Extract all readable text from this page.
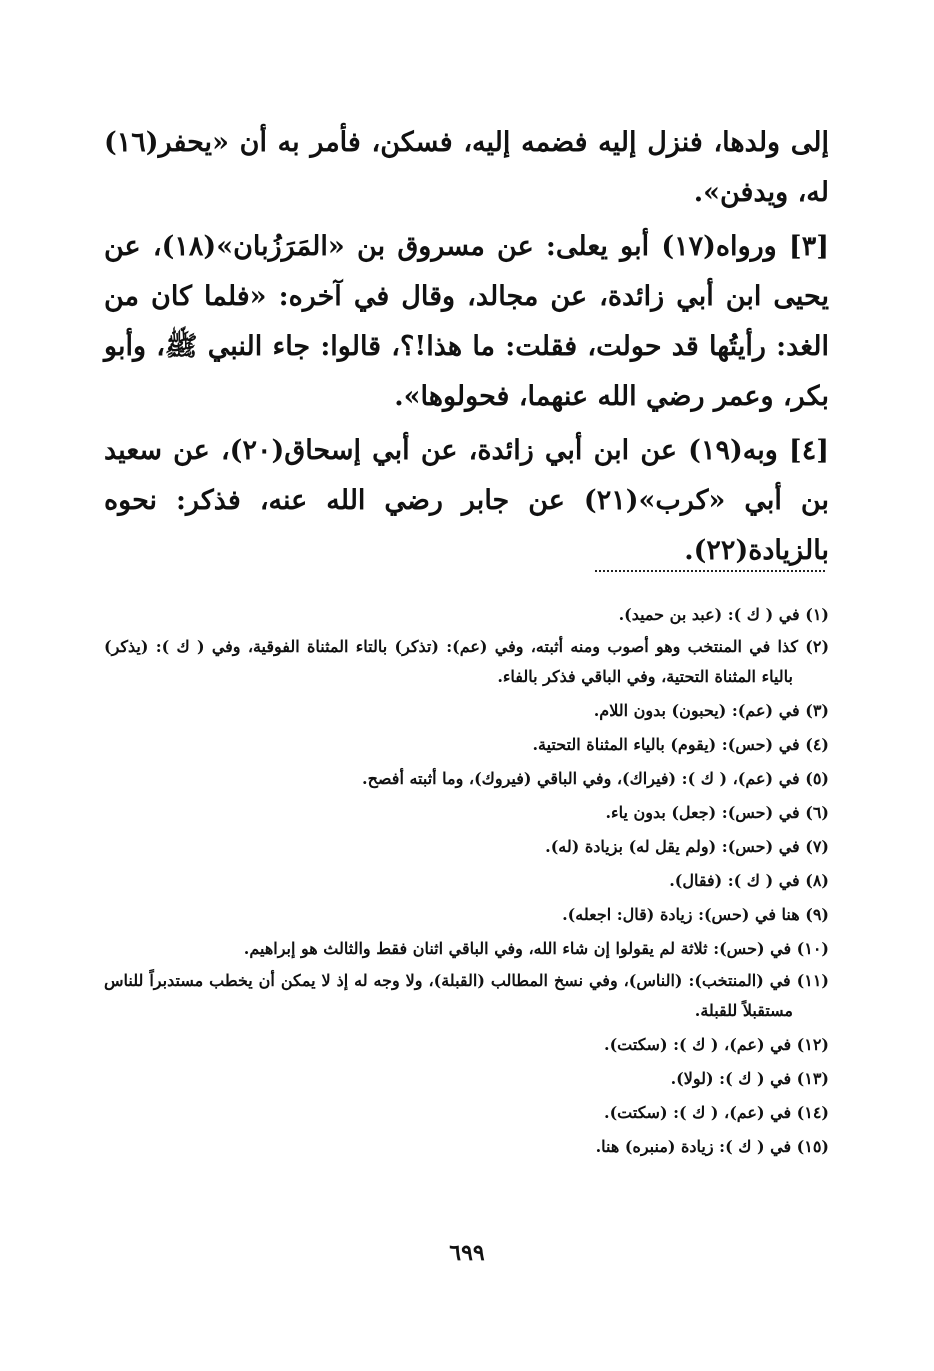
إلى ولدها، فنزل إليه فضمه إليه، فسكن، فأمر به أن «يحفر(١٦) له، ويدفن».

[٣] ورواه(١٧) أبو يعلى: عن مسروق بن «المَرَزُبان»(١٨)، عن يحيى ابن أبي زائدة، عن مجالد، وقال في آخره: «فلما كان من الغد: رأيتُها قد حولت، فقلت: ما هذا!؟، قالوا: جاء النبي ﷺ، وأبو بكر، وعمر رضي الله عنهما، فحولوها».

[٤] وبه(١٩) عن ابن أبي زائدة، عن أبي إسحاق(٢٠)، عن سعيد بن أبي «كرب»(٢١) عن جابر رضي الله عنه، فذكر: نحوه بالزيادة(٢٢).

(١) في ( ك ): (عبد بن حميد).

(٢) كذا في المنتخب وهو أصوب ومنه أثبته، وفي (عم): (تذكر) بالتاء المثناة الفوقية، وفي ( ك ): (يذكر) بالياء المثناة التحتية، وفي الباقي فذكر بالفاء.

(٣) في (عم): (يحبون) بدون اللام.

(٤) في (حس): (يقوم) بالياء المثناة التحتية.

(٥) في (عم)، ( ك ): (فيراك)، وفي الباقي (فيروك)، وما أثبته أفصح.

(٦) في (حس): (جعل) بدون ياء.

(٧) في (حس): (ولم يقل له) بزيادة (له).

(٨) في ( ك ): (فقال).

(٩) هنا في (حس): زيادة (قال: اجعله).

(١٠) في (حس): ثلاثة لم يقولوا إن شاء الله، وفي الباقي اثنان فقط والثالث هو إبراهيم.

(١١) في (المنتخب): (الناس)، وفي نسخ المطالب (القبلة)، ولا وجه له إذ لا يمكن أن يخطب مستدبراً للناس مستقبلاً للقبلة.

(١٢) في (عم)، ( ك ): (سكتت).

(١٣) في ( ك ): (لولا).

(١٤) في (عم)، ( ك ): (سكتت).

(١٥) في ( ك ): زيادة (منبره) هنا.

٦٩٩
